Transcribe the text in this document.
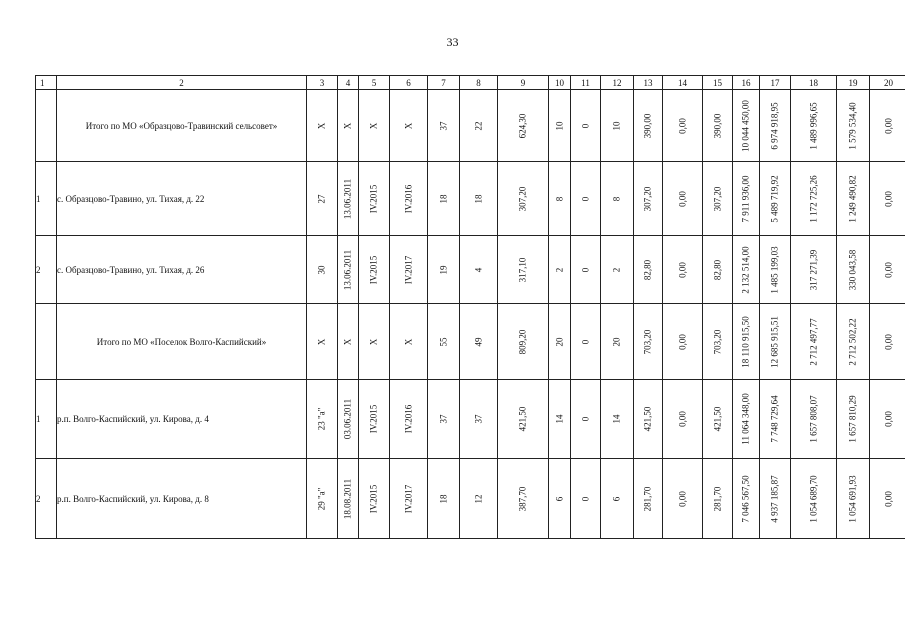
33
1	2	3	4	5	6	7	8	9	10	11	12	13	14	15	16	17	18	19	20
	Итого по МО «Образцово-Травинский сельсовет»	X	X	X	X	37	22	624,30	10	0	10	390,00	0,00	390,00	10 044 450,00	6 974 918,95	1 489 996,65	1 579 534,40	0,00

1	с. Образцово-Травино, ул. Тихая, д. 22	27	13.06.2011	IV.2015	IV.2016	18	18	307,20	8	0	8	307,20	0,00	307,20	7 911 936,00	5 489 719,92	1 172 725,26	1 249 490,82	0,00

2	с. Образцово-Травино, ул. Тихая, д. 26	30	13.06.2011	IV.2015	IV.2017	19	4	317,10	2	0	2	82,80	0,00	82,80	2 132 514,00	1 485 199,03	317 271,39	330 043,58	0,00

	Итого по МО «Поселок Волго-Каспийский»	X	X	X	X	55	49	809,20	20	0	20	703,20	0,00	703,20	18 110 915,50	12 685 915,51	2 712 497,77	2 712 502,22	0,00

1	р.п. Волго-Каспийский, ул. Кирова, д. 4	23 "а"	03.06.2011	IV.2015	IV.2016	37	37	421,50	14	0	14	421,50	0,00	421,50	11 064 348,00	7 748 729,64	1 657 808,07	1 657 810,29	0,00

2	р.п. Волго-Каспийский, ул. Кирова, д. 8	29 "а"	18.08.2011	IV.2015	IV.2017	18	12	387,70	6	0	6	281,70	0,00	281,70	7 046 567,50	4 937 185,87	1 054 689,70	1 054 691,93	0,00
